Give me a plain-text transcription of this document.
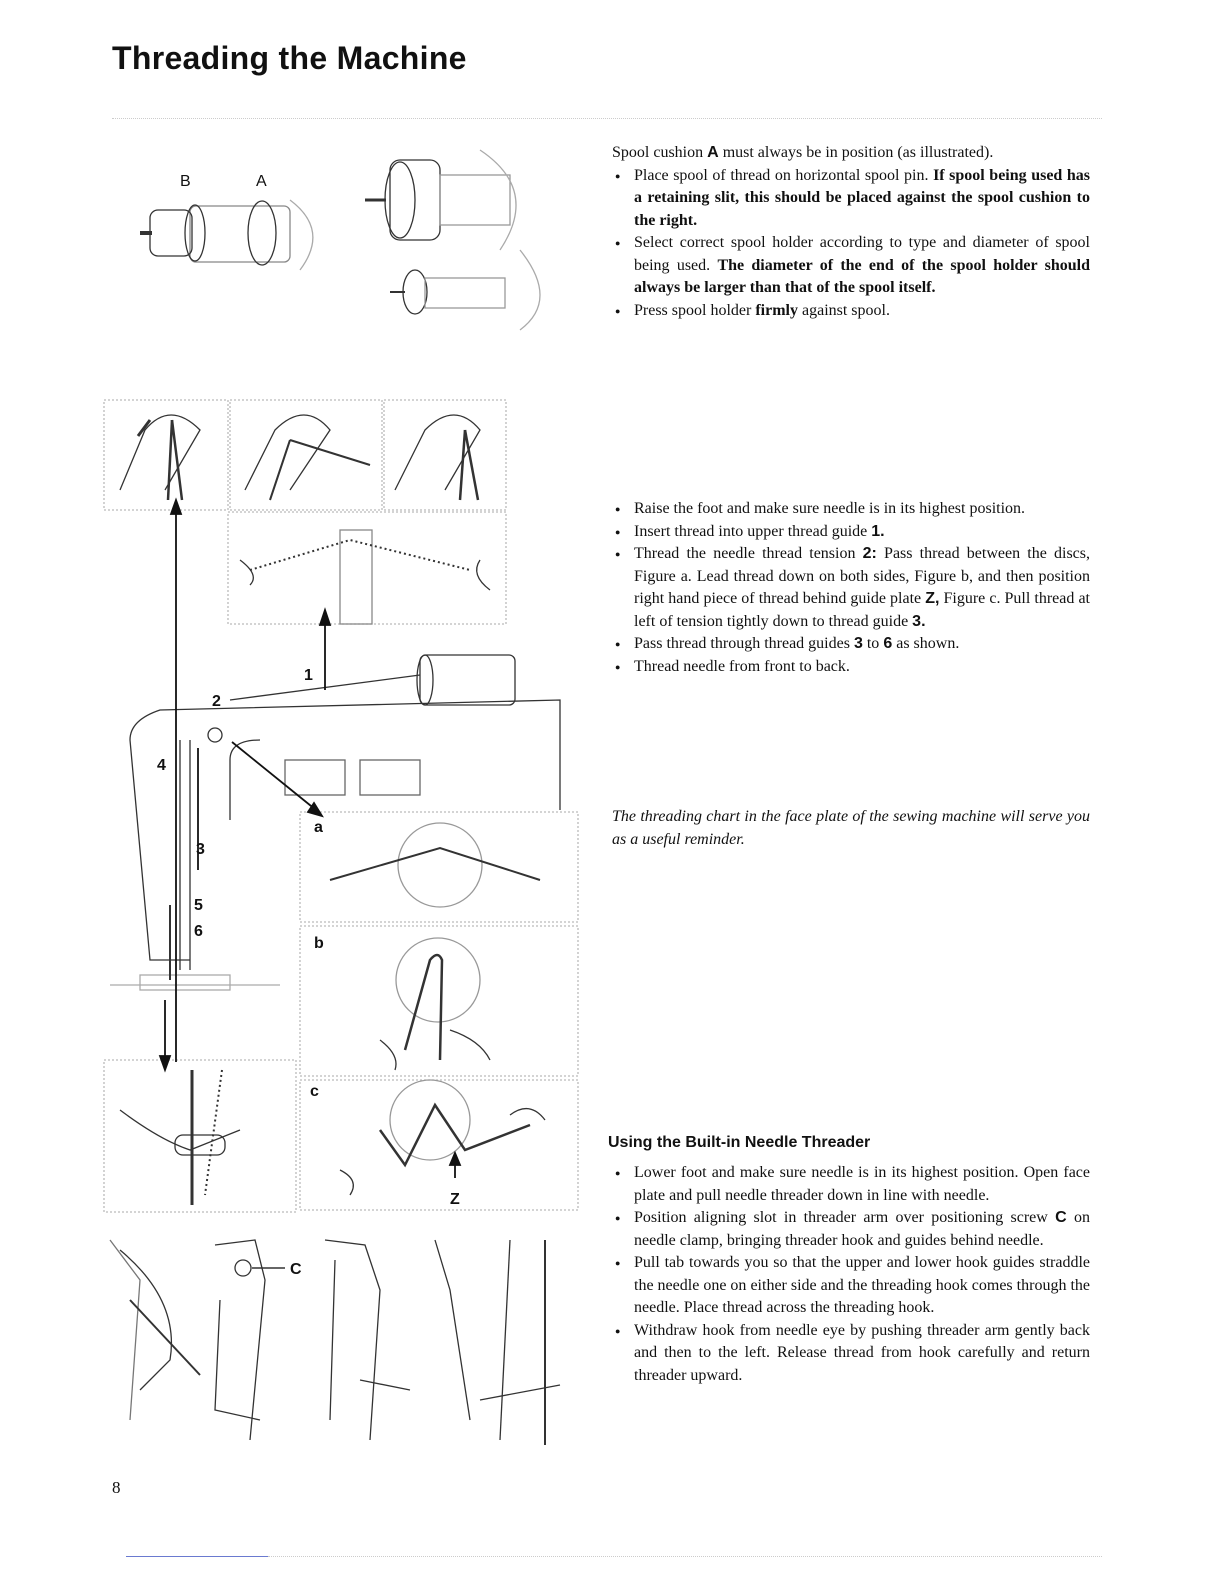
Threading the Machine
B	A
1
2
4
3
5
6
a
b
c
Z
C

Spool cushion A must always be in position (as illustrated).

● Place spool of thread on horizontal spool pin. If spool being used has a retaining slit, this should be placed against the spool cushion to the right.
● Select correct spool holder according to type and diameter of spool being used. The diameter of the end of the spool holder should always be larger than that of the spool itself.
● Press spool holder firmly against spool.
● Raise the foot and make sure needle is in its highest position.
● Insert thread into upper thread guide 1.
● Thread the needle thread tension 2: Pass thread between the discs, Figure a. Lead thread down on both sides, Figure b, and then position right hand piece of thread behind guide plate Z, Figure c. Pull thread at left of tension tightly down to thread guide 3.
● Pass thread through thread guides 3 to 6 as shown.
● Thread needle from front to back.
The threading chart in the face plate of the sewing machine will serve you as a useful reminder.
Using the Built-in Needle Threader
● Lower foot and make sure needle is in its highest position. Open face plate and pull needle threader down in line with needle.
● Position aligning slot in threader arm over positioning screw C on needle clamp, bringing threader hook and guides behind needle.
● Pull tab towards you so that the upper and lower hook guides straddle the needle one on either side and the threading hook comes through the needle. Place thread across the threading hook.
● Withdraw hook from needle eye by pushing threader arm gently back and then to the left. Release thread from hook carefully and return threader upward.
8
